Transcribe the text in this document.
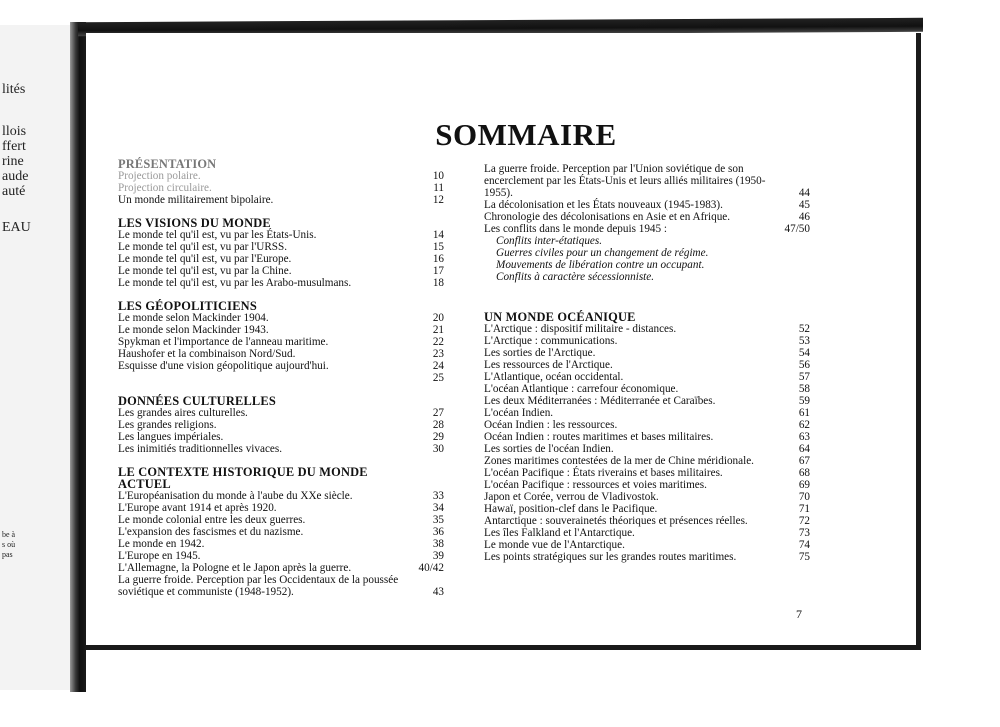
lités
llois
ffert
rine
aude
auté
EAU
be à
s où
pas
SOMMAIRE
PRÉSENTATION
Projection polaire.	10
Projection circulaire.	11
Un monde militairement bipolaire.	12
LES VISIONS DU MONDE
Le monde tel qu'il est, vu par les États-Unis.	14
Le monde tel qu'il est, vu par l'URSS.	15
Le monde tel qu'il est, vu par l'Europe.	16
Le monde tel qu'il est, vu par la Chine.	17
Le monde tel qu'il est, vu par les Arabo-musulmans.	18
LES GÉOPOLITICIENS
Le monde selon Mackinder 1904.	20
Le monde selon Mackinder 1943.	21
Spykman et l'importance de l'anneau maritime.	22
Haushofer et la combinaison Nord/Sud.	23
Esquisse d'une vision géopolitique aujourd'hui.	24
25
DONNÉES CULTURELLES
Les grandes aires culturelles.	27
Les grandes religions.	28
Les langues impériales.	29
Les inimitiés traditionnelles vivaces.	30
LE CONTEXTE HISTORIQUE DU MONDE ACTUEL
L'Européanisation du monde à l'aube du XXe siècle.	33
L'Europe avant 1914 et après 1920.	34
Le monde colonial entre les deux guerres.	35
L'expansion des fascismes et du nazisme.	36
Le monde en 1942.	38
L'Europe en 1945.	39
L'Allemagne, la Pologne et le Japon après la guerre.	40/42
La guerre froide. Perception par les Occidentaux de la poussée soviétique et communiste (1948-1952).	43
La guerre froide. Perception par l'Union soviétique de son encerclement par les États-Unis et leurs alliés militaires (1950-1955).	44
La décolonisation et les États nouveaux (1945-1983).	45
Chronologie des décolonisations en Asie et en Afrique.	46
Les conflits dans le monde depuis 1945 :	47/50
Conflits inter-étatiques.
Guerres civiles pour un changement de régime.
Mouvements de libération contre un occupant.
Conflits à caractère sécessionniste.
UN MONDE OCÉANIQUE
L'Arctique : dispositif militaire - distances.	52
L'Arctique : communications.	53
Les sorties de l'Arctique.	54
Les ressources de l'Arctique.	56
L'Atlantique, océan occidental.	57
L'océan Atlantique : carrefour économique.	58
Les deux Méditerranées : Méditerranée et Caraïbes.	59
L'océan Indien.	61
Océan Indien : les ressources.	62
Océan Indien : routes maritimes et bases militaires.	63
Les sorties de l'océan Indien.	64
Zones maritimes contestées de la mer de Chine méridionale.	67
L'océan Pacifique : États riverains et bases militaires.	68
L'océan Pacifique : ressources et voies maritimes.	69
Japon et Corée, verrou de Vladivostok.	70
Hawaï, position-clef dans le Pacifique.	71
Antarctique : souverainetés théoriques et présences réelles.	72
Les îles Falkland et l'Antarctique.	73
Le monde vue de l'Antarctique.	74
Les points stratégiques sur les grandes routes maritimes.	75
7
